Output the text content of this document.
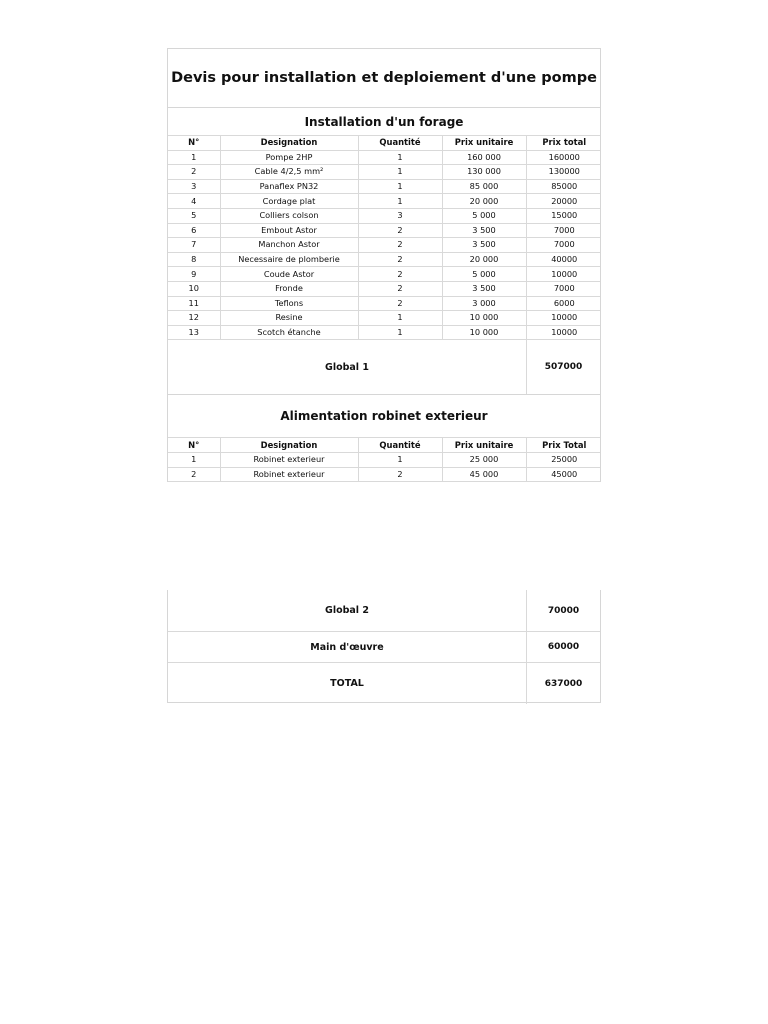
Devis pour installation et deploiement d'une pompe
Installation d'un forage
N°	Designation	Quantité	Prix unitaire	Prix total
1	Pompe 2HP	1	160 000	160000
2	Cable 4/2,5 mm²	1	130 000	130000
3	Panaflex PN32	1	85 000	85000
4	Cordage plat	1	20 000	20000
5	Colliers colson	3	5 000	15000
6	Embout Astor	2	3 500	7000
7	Manchon Astor	2	3 500	7000
8	Necessaire de plomberie	2	20 000	40000
9	Coude Astor	2	5 000	10000
10	Fronde	2	3 500	7000
11	Teflons	2	3 000	6000
12	Resine	1	10 000	10000
13	Scotch étanche	1	10 000	10000
Global 1	507000
Alimentation robinet exterieur
N°	Designation	Quantité	Prix unitaire	Prix Total
1	Robinet exterieur	1	25 000	25000
2	Robinet exterieur	2	45 000	45000
Global 2	70000
Main d'œuvre	60000
TOTAL	637000
